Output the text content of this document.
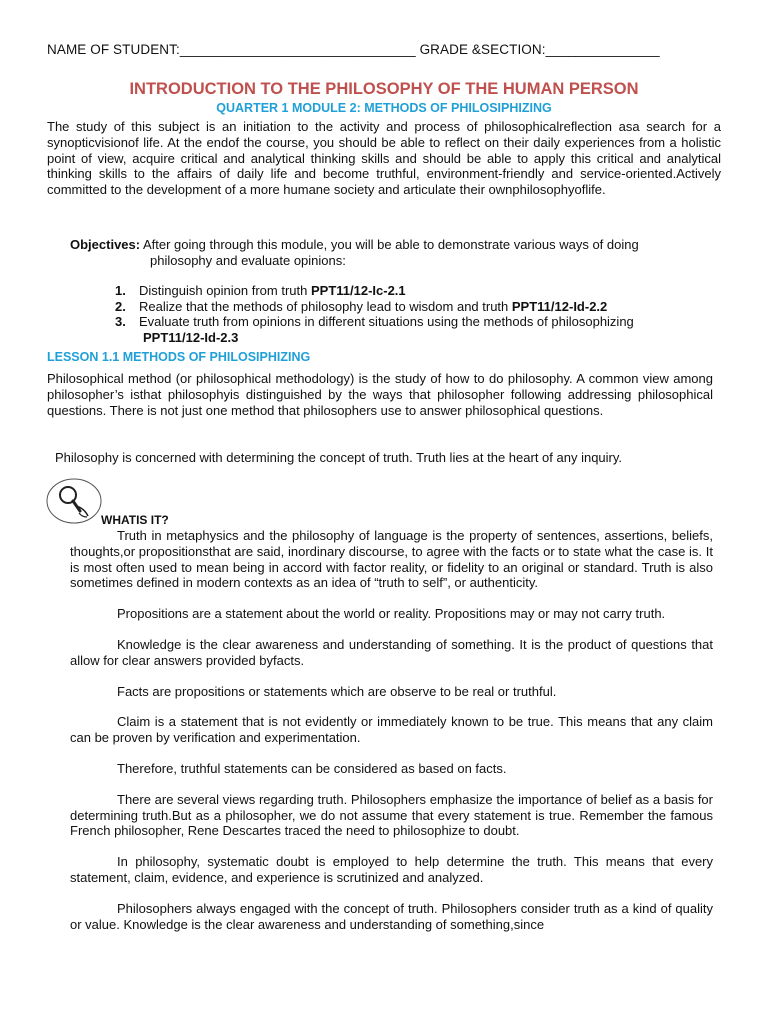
NAME OF STUDENT:_______________________________ GRADE &SECTION:_______________
INTRODUCTION TO THE PHILOSOPHY OF THE HUMAN PERSON
QUARTER 1 MODULE 2: METHODS OF PHILOSIPHIZING

The study of this subject is an initiation to the activity and process of philosophicalreflection asa search for a synopticvisionof life. At the endof the course, you should be able to reflect on their daily experiences from a holistic point of view, acquire critical and analytical thinking skills and should be able to apply this critical and analytical thinking skills to the affairs of daily life and become truthful, environment-friendly and service-oriented.Actively committed to the development of a more humane society and articulate their ownphilosophyoflife.

Objectives: After going through this module, you will be able to demonstrate various ways of doing

philosophy and evaluate opinions:

1. Distinguish opinion from truth PPT11/12-Ic-2.1
2. Realize that the methods of philosophy lead to wisdom and truth PPT11/12-Id-2.2
3. Evaluate truth from opinions in different situations using the methods of philosophizing
PPT11/12-Id-2.3
LESSON 1.1 METHODS OF PHILOSIPHIZING

Philosophical method (or philosophical methodology) is the study of how to do philosophy. A common view among philosopher’s isthat philosophyis distinguished by the ways that philosopher following addressing philosophical questions. There is not just one method that philosophers use to answer philosophical questions.

Philosophy is concerned with determining the concept of truth. Truth lies at the heart of any inquiry.

WHATIS IT?

Truth in metaphysics and the philosophy of language is the property of sentences, assertions, beliefs, thoughts,or propositionsthat are said, inordinary discourse, to agree with the facts or to state what the case is. It is most often used to mean being in accord with factor reality, or fidelity to an original or standard. Truth is also sometimes defined in modern contexts as an idea of “truth to self”, or authenticity.

Propositions are a statement about the world or reality. Propositions may or may not carry truth.

Knowledge is the clear awareness and understanding of something. It is the product of questions that allow for clear answers provided byfacts.

Facts are propositions or statements which are observe to be real or truthful.

Claim is a statement that is not evidently or immediately known to be true. This means that any claim can be proven by verification and experimentation.

Therefore, truthful statements can be considered as based on facts.

There are several views regarding truth. Philosophers emphasize the importance of belief as a basis for determining truth.But as a philosopher, we do not assume that every statement is true. Remember the famous French philosopher, Rene Descartes traced the need to philosophize to doubt.

In philosophy, systematic doubt is employed to help determine the truth. This means that every statement, claim, evidence, and experience is scrutinized and analyzed.

Philosophers always engaged with the concept of truth. Philosophers consider truth as a kind of quality or value. Knowledge is the clear awareness and understanding of something,since
